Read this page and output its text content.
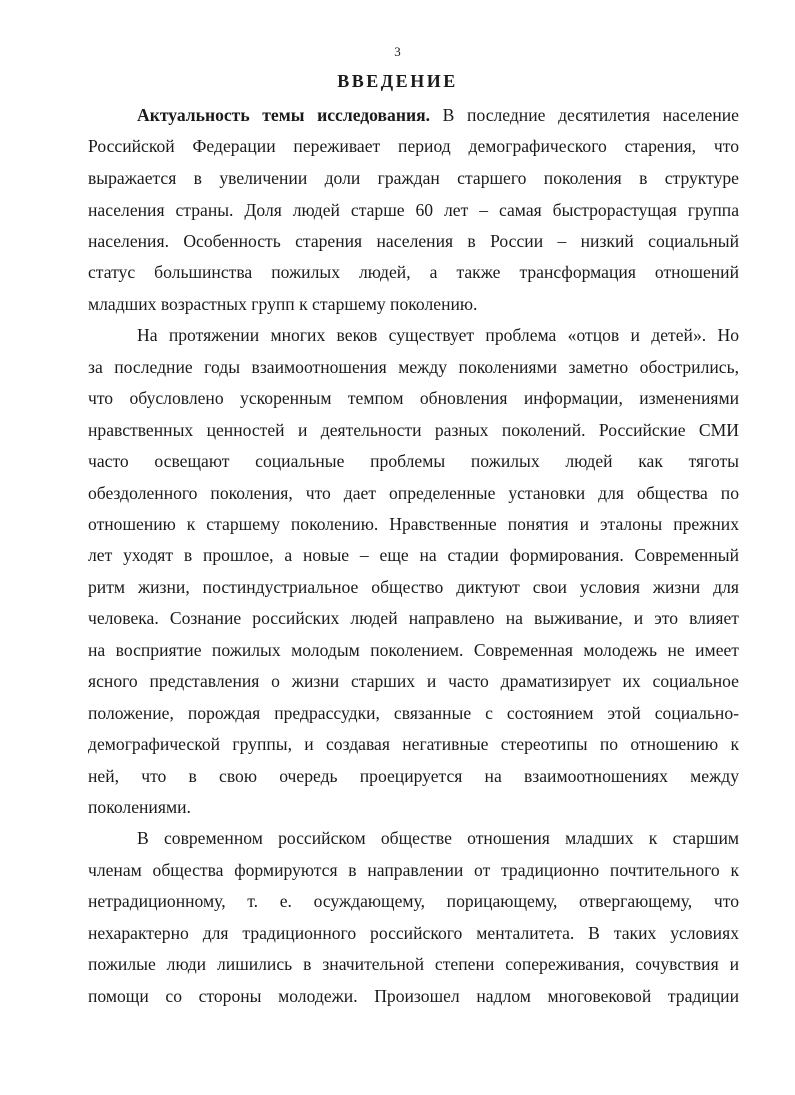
3
ВВЕДЕНИЕ
Актуальность темы исследования. В последние десятилетия население
Российской Федерации переживает период демографического старения, что
выражается в увеличении доли граждан старшего поколения в структуре
населения страны. Доля людей старше 60 лет – самая быстрорастущая группа
населения. Особенность старения населения в России – низкий социальный
статус большинства пожилых людей, а также трансформация отношений
младших возрастных групп к старшему поколению.
На протяжении многих веков существует проблема «отцов и детей». Но
за последние годы взаимоотношения между поколениями заметно обострились,
что обусловлено ускоренным темпом обновления информации, изменениями
нравственных ценностей и деятельности разных поколений. Российские СМИ
часто освещают социальные проблемы пожилых людей как тяготы
обездоленного поколения, что дает определенные установки для общества по
отношению к старшему поколению. Нравственные понятия и эталоны прежних
лет уходят в прошлое, а новые – еще на стадии формирования. Современный
ритм жизни, постиндустриальное общество диктуют свои условия жизни для
человека. Сознание российских людей направлено на выживание, и это влияет
на восприятие пожилых молодым поколением. Современная молодежь не имеет
ясного представления о жизни старших и часто драматизирует их социальное
положение, порождая предрассудки, связанные с состоянием этой социально-
демографической группы, и создавая негативные стереотипы по отношению к
ней, что в свою очередь проецируется на взаимоотношениях между
поколениями.
В современном российском обществе отношения младших к старшим
членам общества формируются в направлении от традиционно почтительного к
нетрадиционному, т. е. осуждающему, порицающему, отвергающему, что
нехарактерно для традиционного российского менталитета. В таких условиях
пожилые люди лишились в значительной степени сопереживания, сочувствия и
помощи со стороны молодежи. Произошел надлом многовековой традиции
